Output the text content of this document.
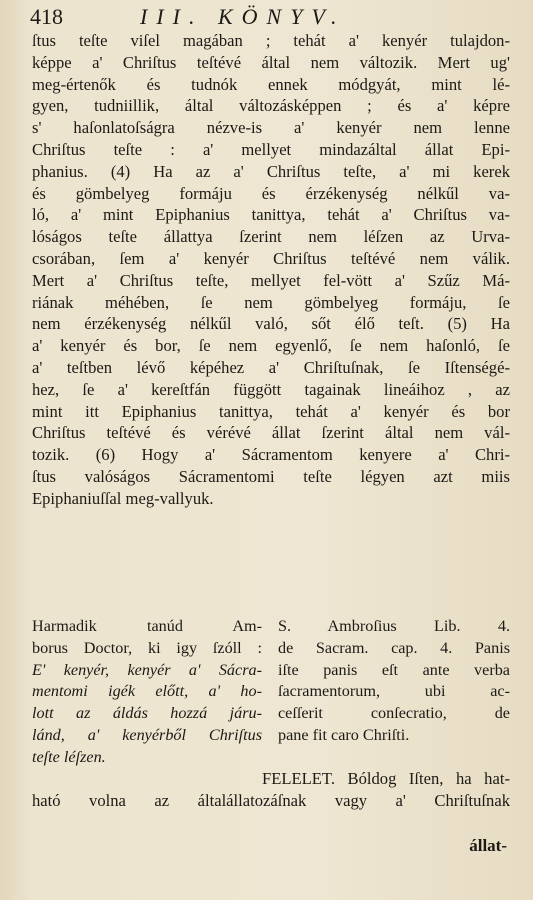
418	III. KÖNYV.
ſtus teſte viſel magában ; tehát a' kenyér tulajdon-
képpe a' Chriſtus teſtévé által nem változik. Mert ug'
meg-értenők és tudnók ennek módgyát, mint lé-
gyen, tudniillik, által változásképpen ; és a' képre
s' haſonlatoſságra nézve-is a' kenyér nem lenne
Chriſtus teſte : a' mellyet mindazáltal állat Epi-
phanius. (4) Ha az a' Chriſtus teſte, a' mi kerek
és gömbelyeg formáju és érzékenység nélkűl va-
ló, a' mint Epiphanius tanittya, tehát a' Chriſtus va-
lóságos teſte állattya ſzerint nem léſzen az Urva-
csorában, ſem a' kenyér Chriſtus teſtévé nem válik.
Mert a' Chriſtus teſte, mellyet fel-vött a' Szűz Má-
riának méhében, ſe nem gömbelyeg formáju, ſe
nem érzékenység nélkűl való, sőt élő teſt. (5) Ha
a' kenyér és bor, ſe nem egyenlő, ſe nem haſonló, ſe
a' teſtben lévő képéhez a' Chriſtuſnak, ſe Iſtenségé-
hez, ſe a' kereſtfán függött tagainak lineáihoz , az
mint itt Epiphanius tanittya, tehát a' kenyér és bor
Chriſtus teſtévé és vérévé állat ſzerint által nem vál-
tozik. (6) Hogy a' Sácramentom kenyere a' Chri-
ſtus valóságos Sácramentomi teſte légyen azt miis
Epiphaniuſſal meg-vallyuk.
Harmadik tanúd Am-
borus Doctor, ki igy ſzóll :
E' kenyér, kenyér a' Sácra-
mentomi igék előtt, a' ho-
lott az áldás hozzá járu-
lánd, a' kenyérből Chriſtus
teſte léſzen.
S. Ambroſius Lib. 4.
de Sacram. cap. 4. Panis
iſte panis eſt ante verba
ſacramentorum, ubi ac-
ceſſerit conſecratio, de
pane fit caro Chriſti.
FELELET. Bóldog Iſten, ha hat-
ható volna az általállatozáſnak vagy a' Chriſtuſnak
állat-
